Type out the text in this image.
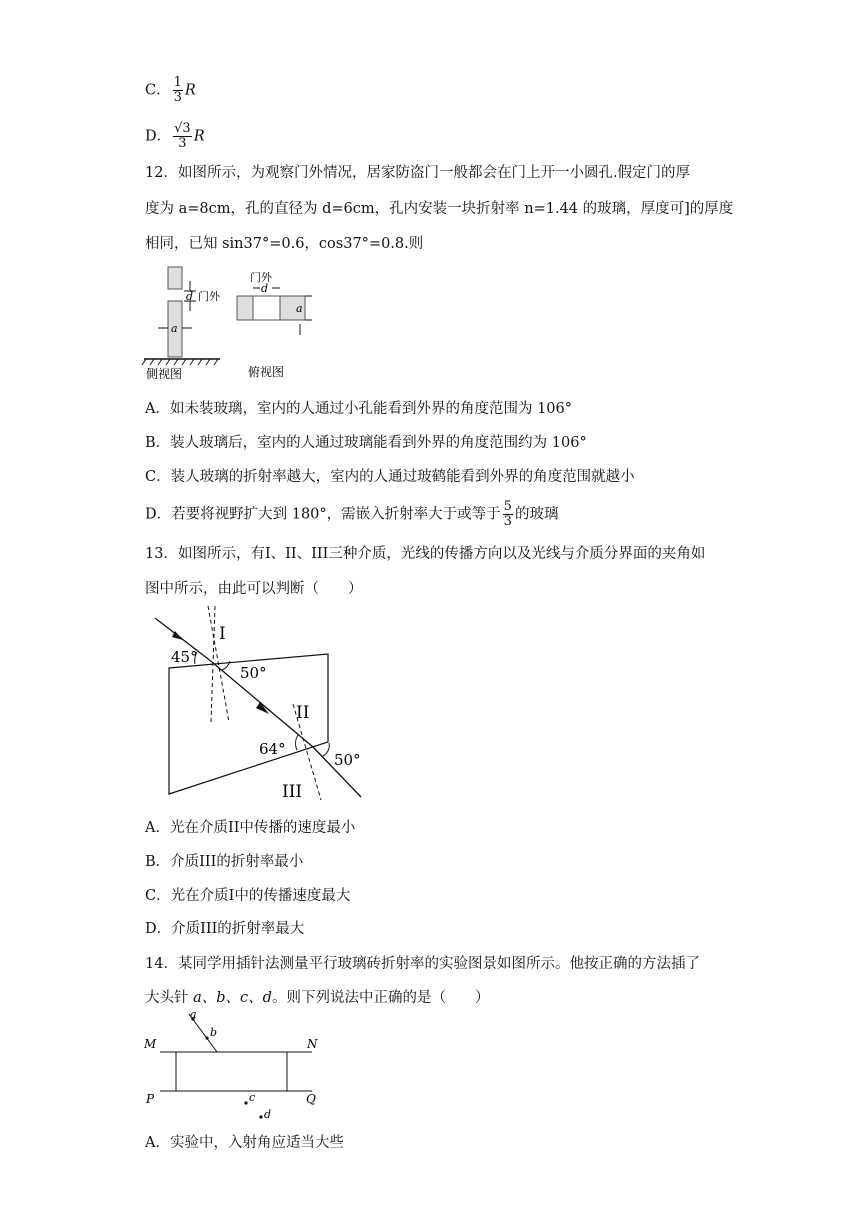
C． $\frac{1}{3}$ R
D． $\frac{√3}{3}$ R
12．如图所示，为观察门外情况，居家防盗门一般都会在门上开一小圆孔.假定门的厚
度为 a=8cm，孔的直径为 d=6cm，孔内安装一块折射率 n=1.44 的玻璃，厚度可]的厚度
相同，已知 sin37°=0.6，cos37°=0.8.则
d 门外
a
側视图
门外
d
a
俯视图
A．如未装玻璃，室内的人通过小孔能看到外界的角度范围为 106°
B．装人玻璃后，室内的人通过玻璃能看到外界的角度范围约为 106°
C．装人玻璃的折射率越大，室内的人通过玻鹤能看到外界的角度范围就越小
D．若要将视野扩大到 180°，需嵌入折射率大于或等于 $\frac{5}{3}$ 的玻璃
13．如图所示，有I、II、III三种介质，光线的传播方向以及光线与介质分界面的夹角如
图中所示，由此可以判断（　　）
I
II
III
45°
50°
64°
50°
A．光在介质II中传播的速度最小
B．介质III的折射率最小
C．光在介质I中的传播速度最大
D．介质III的折射率最大
14．某同学用插针法测量平行玻璃砖折射率的实验图景如图所示。他按正确的方法插了
大头针 a、b、c、d。则下列说法中正确的是（　　）
M	N
P	Q
a
b
c
d
A．实验中，入射角应适当大些
